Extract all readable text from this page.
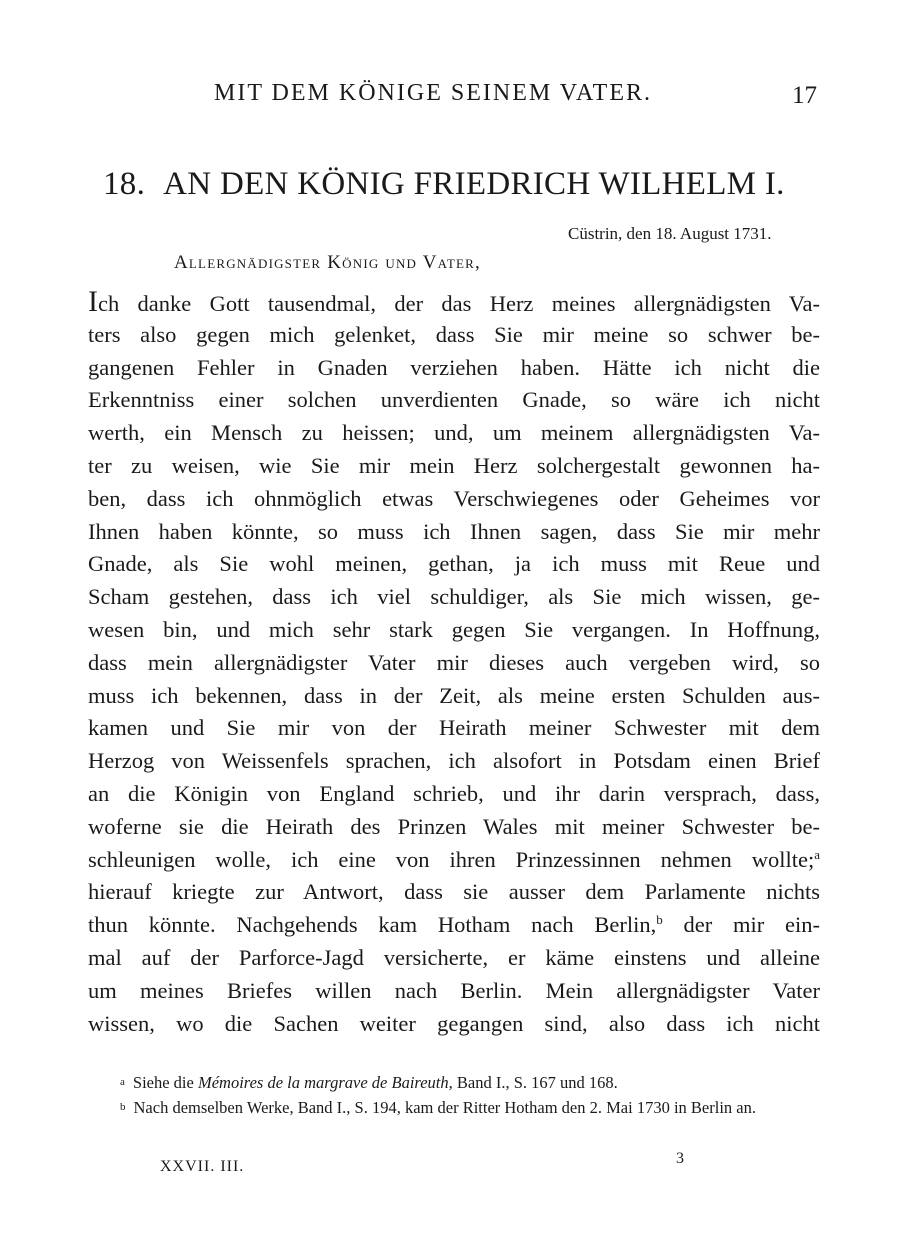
MIT DEM KÖNIGE SEINEM VATER.	17
18. AN DEN KÖNIG FRIEDRICH WILHELM I.
Cüstrin, den 18. August 1731.
Allergnädigster König und Vater,
Ich danke Gott tausendmal, der das Herz meines allergnädigsten Va-
ters also gegen mich gelenket, dass Sie mir meine so schwer be-
gangenen Fehler in Gnaden verziehen haben. Hätte ich nicht die
Erkenntniss einer solchen unverdienten Gnade, so wäre ich nicht
werth, ein Mensch zu heissen; und, um meinem allergnädigsten Va-
ter zu weisen, wie Sie mir mein Herz solchergestalt gewonnen ha-
ben, dass ich ohnmöglich etwas Verschwiegenes oder Geheimes vor
Ihnen haben könnte, so muss ich Ihnen sagen, dass Sie mir mehr
Gnade, als Sie wohl meinen, gethan, ja ich muss mit Reue und
Scham gestehen, dass ich viel schuldiger, als Sie mich wissen, ge-
wesen bin, und mich sehr stark gegen Sie vergangen. In Hoffnung,
dass mein allergnädigster Vater mir dieses auch vergeben wird, so
muss ich bekennen, dass in der Zeit, als meine ersten Schulden aus-
kamen und Sie mir von der Heirath meiner Schwester mit dem
Herzog von Weissenfels sprachen, ich alsofort in Potsdam einen Brief
an die Königin von England schrieb, und ihr darin versprach, dass,
woferne sie die Heirath des Prinzen Wales mit meiner Schwester be-
schleunigen wolle, ich eine von ihren Prinzessinnen nehmen wollte;$^a$
hierauf kriegte zur Antwort, dass sie ausser dem Parlamente nichts
thun könnte. Nachgehends kam Hotham nach Berlin,$^b$ der mir ein-
mal auf der Parforce-Jagd versicherte, er käme einstens und alleine
um meines Briefes willen nach Berlin. Mein allergnädigster Vater
wissen, wo die Sachen weiter gegangen sind, also dass ich nicht
a Siehe die Mémoires de la margrave de Baireuth, Band I., S. 167 und 168.
b Nach demselben Werke, Band I., S. 194, kam der Ritter Hotham den 2. Mai 1730 in Berlin an.
XXVII. III.	3
